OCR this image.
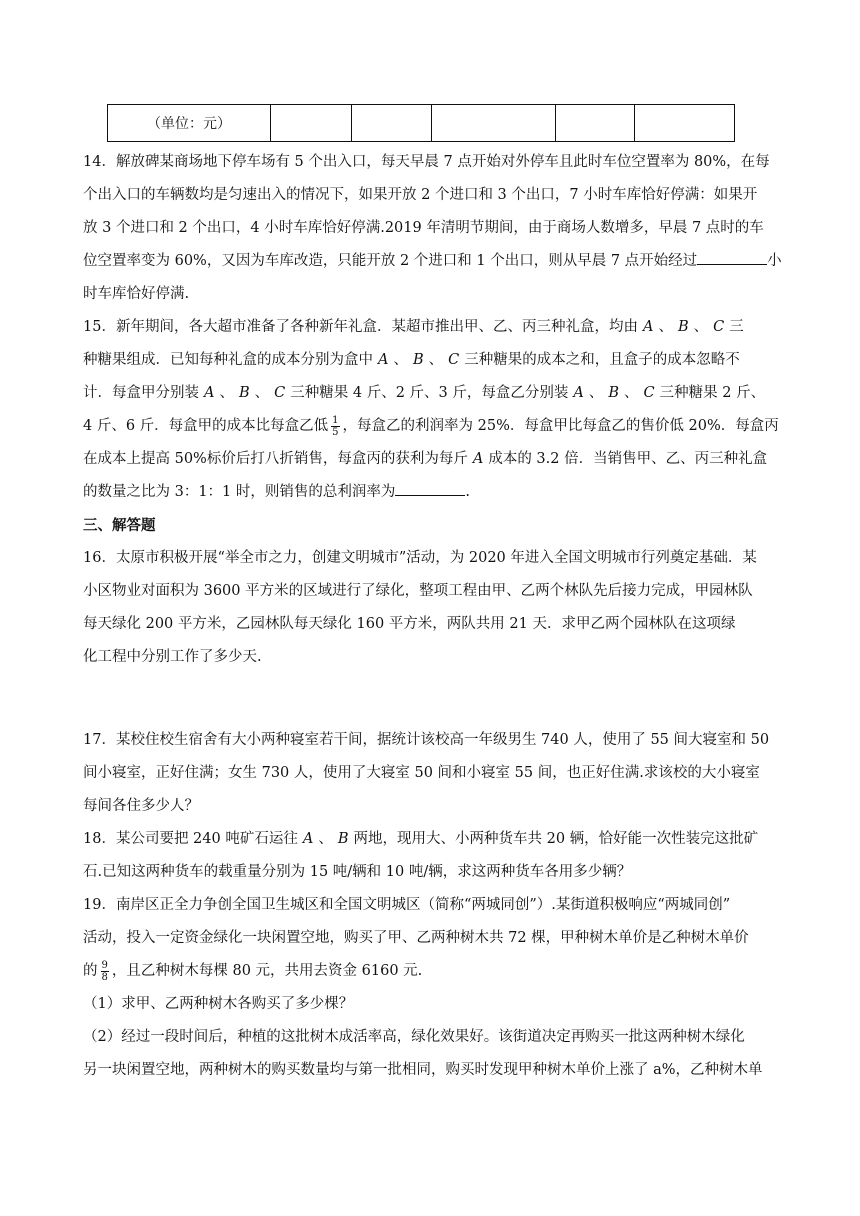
（单位：元）					

14．解放碑某商场地下停车场有 5 个出入口，每天早晨 7 点开始对外停车且此时车位空置率为 80%，在每

个出入口的车辆数均是匀速出入的情况下，如果开放 2 个进口和 3 个出口，7 小时车库恰好停满：如果开

放 3 个进口和 2 个出口，4 小时车库恰好停满.2019 年清明节期间，由于商场人数增多，早晨 7 点时的车

位空置率变为 60%，又因为车库改造，只能开放 2 个进口和 1 个出口，则从早晨 7 点开始经过	小

时车库恰好停满.

15．新年期间，各大超市准备了各种新年礼盒．某超市推出甲、乙、丙三种礼盒，均由 A 、 B 、 C 三

种糖果组成．已知每种礼盒的成本分别为盒中 A 、 B 、 C 三种糖果的成本之和，且盒子的成本忽略不

计．每盒甲分别装 A 、 B 、 C 三种糖果 4 斤、2 斤、3 斤，每盒乙分别装 A 、 B 、 C 三种糖果 2 斤、

4 斤、6 斤．每盒甲的成本比每盒乙低 $\frac{1}{5}$ ，每盒乙的利润率为 25%．每盒甲比每盒乙的售价低 20%．每盒丙

在成本上提高 50%标价后打八折销售，每盒丙的获利为每斤 A 成本的 3.2 倍．当销售甲、乙、丙三种礼盒

的数量之比为 3：1：1 时，则销售的总利润率为	.

三、解答题

16．太原市积极开展“举全市之力，创建文明城市”活动，为 2020 年进入全国文明城市行列奠定基础．某

小区物业对面积为 3600 平方米的区域进行了绿化，整项工程由甲、乙两个林队先后接力完成，甲园林队

每天绿化 200 平方米，乙园林队每天绿化 160 平方米，两队共用 21 天．求甲乙两个园林队在这项绿

化工程中分别工作了多少天.

17．某校住校生宿舍有大小两种寝室若干间，据统计该校高一年级男生 740 人，使用了 55 间大寝室和 50

间小寝室，正好住满；女生 730 人，使用了大寝室 50 间和小寝室 55 间，也正好住满.求该校的大小寝室

每间各住多少人？

18．某公司要把 240 吨矿石运往 A 、 B 两地，现用大、小两种货车共 20 辆，恰好能一次性装完这批矿

石.已知这两种货车的载重量分别为 15 吨/辆和 10 吨/辆，求这两种货车各用多少辆？

19．南岸区正全力争创全国卫生城区和全国文明城区（简称“两城同创”）.某街道积极响应“两城同创”

活动，投入一定资金绿化一块闲置空地，购买了甲、乙两种树木共 72 棵，甲种树木单价是乙种树木单价

的 $\frac{9}{8}$ ，且乙种树木每棵 80 元，共用去资金 6160 元.

（1）求甲、乙两种树木各购买了多少棵？

（2）经过一段时间后，种植的这批树木成活率高，绿化效果好。该街道决定再购买一批这两种树木绿化

另一块闲置空地，两种树木的购买数量均与第一批相同，购买时发现甲种树木单价上涨了 a%，乙种树木单
